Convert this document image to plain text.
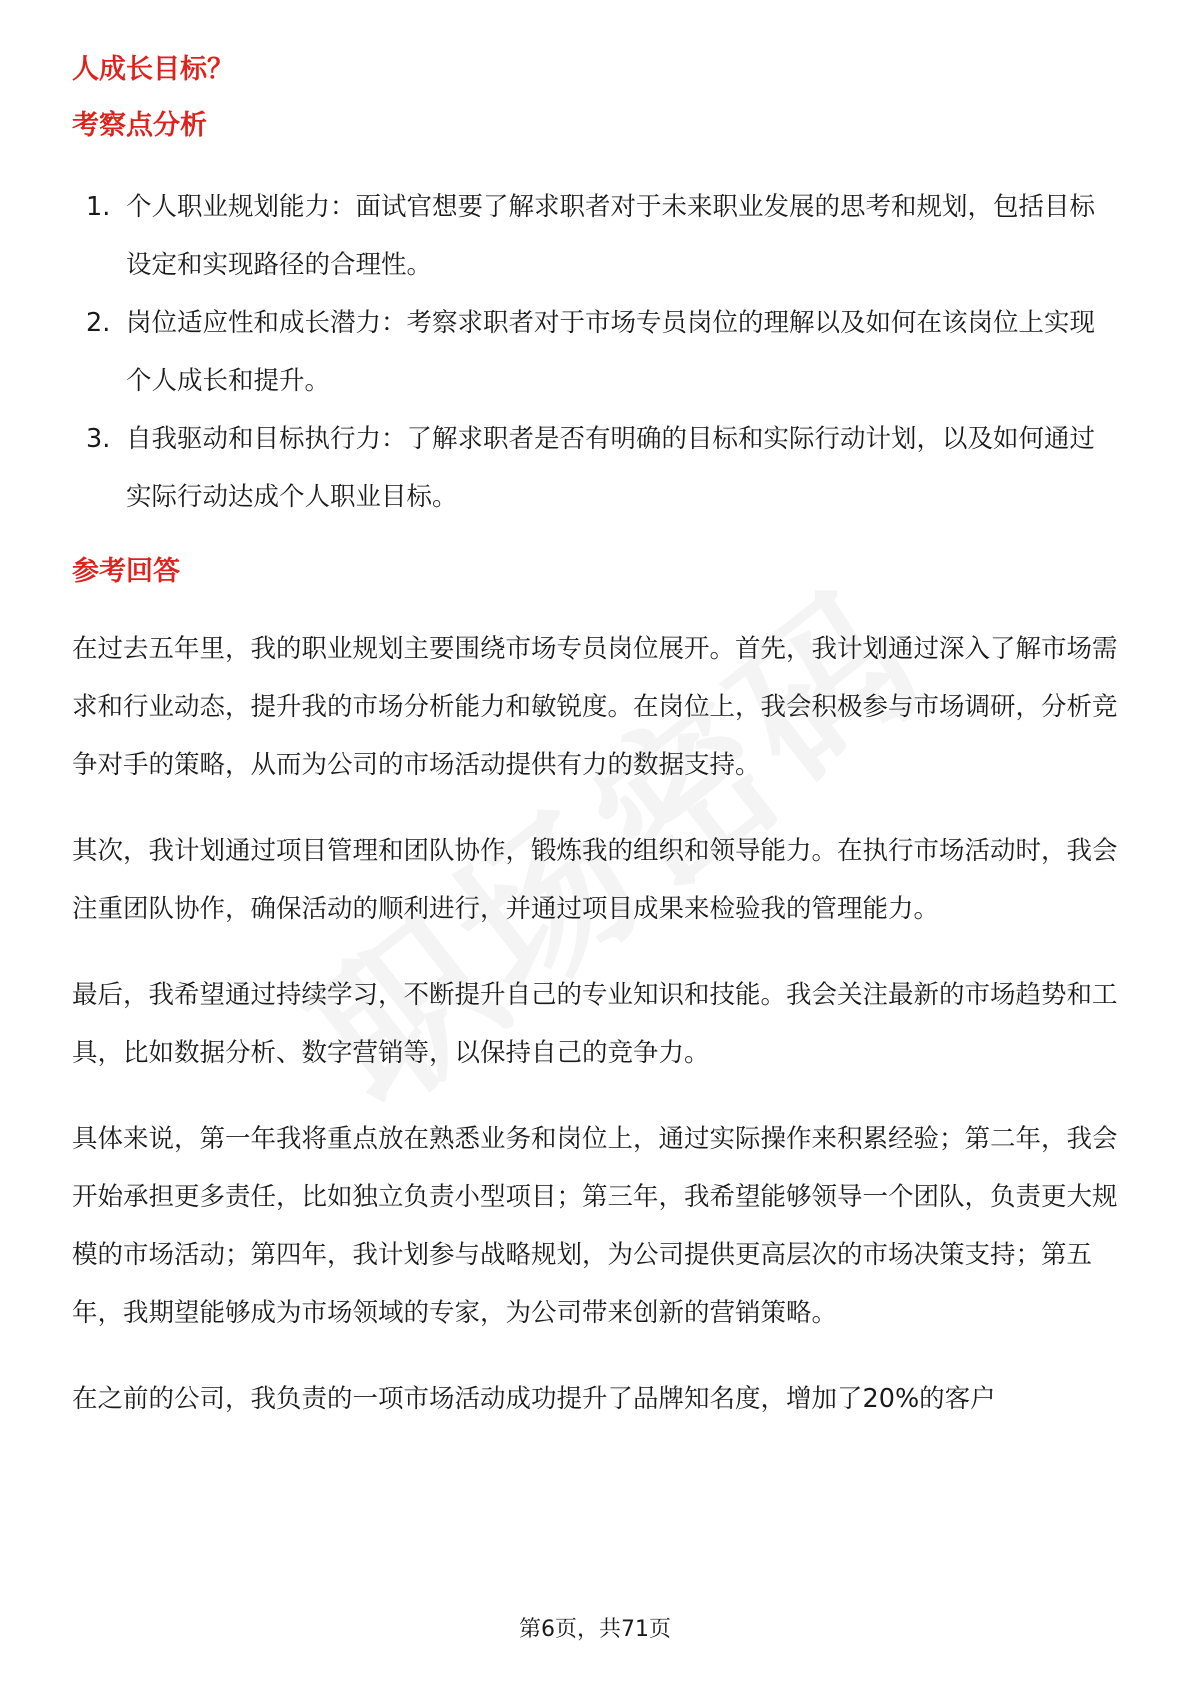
人成长目标？
考察点分析
1. 个人职业规划能力：面试官想要了解求职者对于未来职业发展的思考和规划，包括目标设定和实现路径的合理性。
2. 岗位适应性和成长潜力：考察求职者对于市场专员岗位的理解以及如何在该岗位上实现个人成长和提升。
3. 自我驱动和目标执行力：了解求职者是否有明确的目标和实际行动计划，以及如何通过实际行动达成个人职业目标。
参考回答

在过去五年里，我的职业规划主要围绕市场专员岗位展开。首先，我计划通过深入了解市场需求和行业动态，提升我的市场分析能力和敏锐度。在岗位上，我会积极参与市场调研，分析竞争对手的策略，从而为公司的市场活动提供有力的数据支持。

其次，我计划通过项目管理和团队协作，锻炼我的组织和领导能力。在执行市场活动时，我会注重团队协作，确保活动的顺利进行，并通过项目成果来检验我的管理能力。

最后，我希望通过持续学习，不断提升自己的专业知识和技能。我会关注最新的市场趋势和工具，比如数据分析、数字营销等，以保持自己的竞争力。

具体来说，第一年我将重点放在熟悉业务和岗位上，通过实际操作来积累经验；第二年，我会开始承担更多责任，比如独立负责小型项目；第三年，我希望能够领导一个团队，负责更大规模的市场活动；第四年，我计划参与战略规划，为公司提供更高层次的市场决策支持；第五年，我期望能够成为市场领域的专家，为公司带来创新的营销策略。

在之前的公司，我负责的一项市场活动成功提升了品牌知名度，增加了20%的客户

第6页，共71页
